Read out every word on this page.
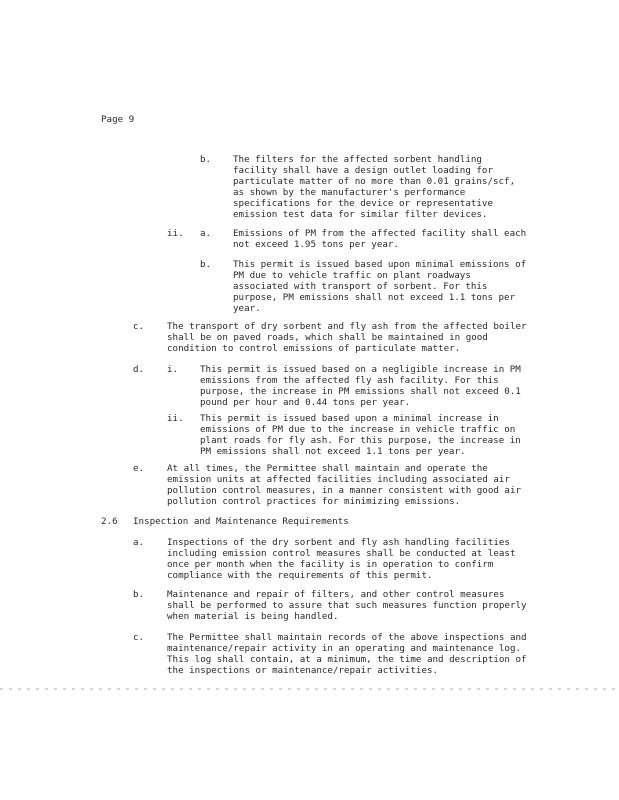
Page 9
b. The filters for the affected sorbent handling
facility shall have a design outlet loading for
particulate matter of no more than 0.01 grains/scf,
as shown by the manufacturer's performance
specifications for the device or representative
emission test data for similar filter devices.
ii. a. Emissions of PM from the affected facility shall each
not exceed 1.95 tons per year.
b. This permit is issued based upon minimal emissions of
PM due to vehicle traffic on plant roadways
associated with transport of sorbent. For this
purpose, PM emissions shall not exceed 1.1 tons per
year.
c. The transport of dry sorbent and fly ash from the affected boiler
shall be on paved roads, which shall be maintained in good
condition to control emissions of particulate matter.
d. i. This permit is issued based on a negligible increase in PM
emissions from the affected fly ash facility. For this
purpose, the increase in PM emissions shall not exceed 0.1
pound per hour and 0.44 tons per year.
ii. This permit is issued based upon a minimal increase in
emissions of PM due to the increase in vehicle traffic on
plant roads for fly ash. For this purpose, the increase in
PM emissions shall not exceed 1.1 tons per year.
e. At all times, the Permittee shall maintain and operate the
emission units at affected facilities including associated air
pollution control measures, in a manner consistent with good air
pollution control practices for minimizing emissions.
2.6 Inspection and Maintenance Requirements
a. Inspections of the dry sorbent and fly ash handling facilities
including emission control measures shall be conducted at least
once per month when the facility is in operation to confirm
compliance with the requirements of this permit.
b. Maintenance and repair of filters, and other control measures
shall be performed to assure that such measures function properly
when material is being handled.
c. The Permittee shall maintain records of the above inspections and
maintenance/repair activity in an operating and maintenance log.
This log shall contain, at a minimum, the time and description of
the inspections or maintenance/repair activities.
